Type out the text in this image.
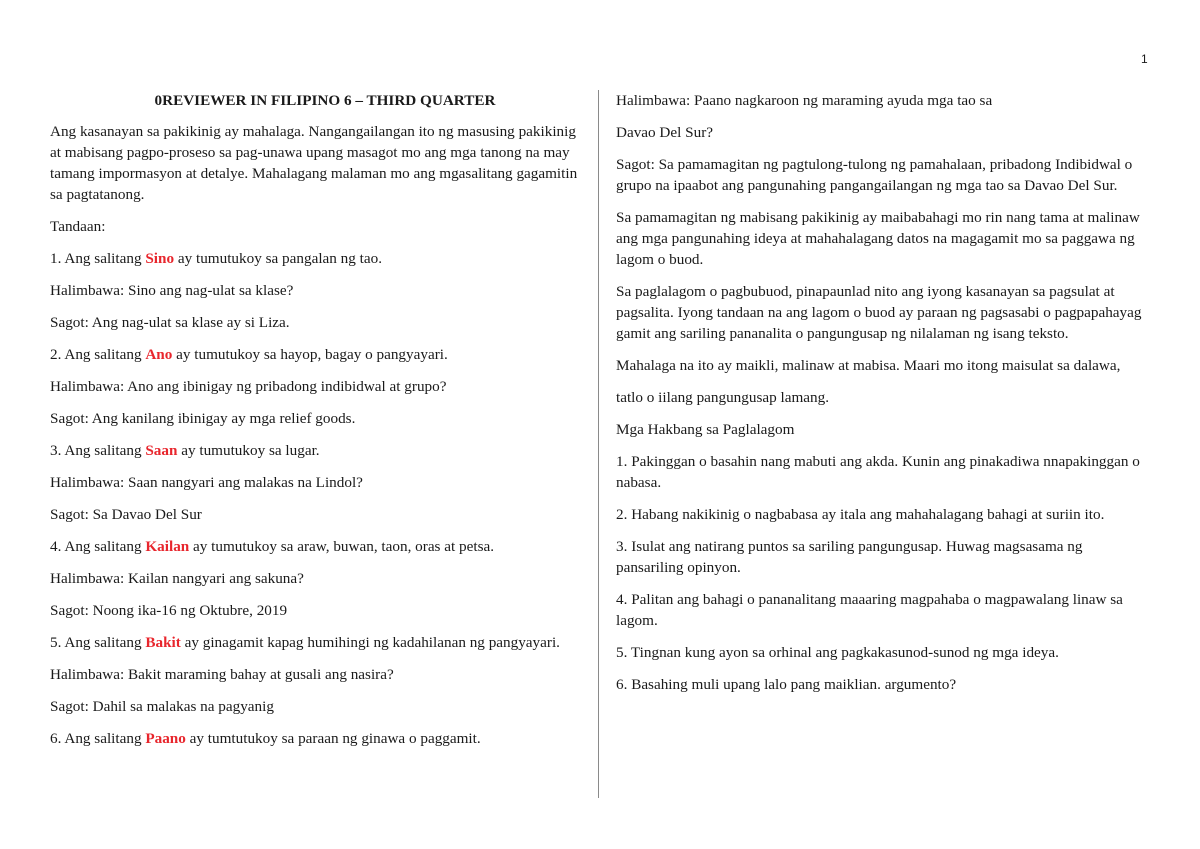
1

0REVIEWER IN FILIPINO 6 – THIRD QUARTER

Ang kasanayan sa pakikinig ay mahalaga. Nangangailangan ito ng masusing pakikinig at mabisang pagpo-proseso sa pag-unawa upang masagot mo ang mga tanong na may tamang impormasyon at detalye. Mahalagang malaman mo ang mgasalitang gagamitin sa pagtatanong.

Tandaan:

1. Ang salitang Sino ay tumutukoy sa pangalan ng tao.

Halimbawa: Sino ang nag-ulat sa klase?

Sagot: Ang nag-ulat sa klase ay si Liza.

2. Ang salitang Ano ay tumutukoy sa hayop, bagay o pangyayari.

Halimbawa: Ano ang ibinigay ng pribadong indibidwal at grupo?

Sagot: Ang kanilang ibinigay ay mga relief goods.

3. Ang salitang Saan ay tumutukoy sa lugar.

Halimbawa: Saan nangyari ang malakas na Lindol?

Sagot: Sa Davao Del Sur

4. Ang salitang Kailan ay tumutukoy sa araw, buwan, taon, oras at petsa.

Halimbawa: Kailan nangyari ang sakuna?

Sagot: Noong ika-16 ng Oktubre, 2019

5. Ang salitang Bakit ay ginagamit kapag humihingi ng kadahilanan ng pangyayari.

Halimbawa: Bakit maraming bahay at gusali ang nasira?

Sagot: Dahil sa malakas na pagyanig

6. Ang salitang Paano ay tumtutukoy sa paraan ng ginawa o paggamit.

Halimbawa: Paano nagkaroon ng maraming ayuda mga tao sa

Davao Del Sur?

Sagot: Sa pamamagitan ng pagtulong-tulong ng pamahalaan, pribadong Indibidwal o grupo na ipaabot ang pangunahing pangangailangan ng mga tao sa Davao Del Sur.

Sa pamamagitan ng mabisang pakikinig ay maibabahagi mo rin nang tama at malinaw ang mga pangunahing ideya at mahahalagang datos na magagamit mo sa paggawa ng lagom o buod.

Sa paglalagom o pagbubuod, pinapaunlad nito ang iyong kasanayan sa pagsulat at pagsalita. Iyong tandaan na ang lagom o buod ay paraan ng pagsasabi o pagpapahayag gamit ang sariling pananalita o pangungusap ng nilalaman ng isang teksto.

Mahalaga na ito ay maikli, malinaw at mabisa. Maari mo itong maisulat sa dalawa,

tatlo o iilang pangungusap lamang.

Mga Hakbang sa Paglalagom

1. Pakinggan o basahin nang mabuti ang akda. Kunin ang pinakadiwa nnapakinggan o nabasa.

2. Habang nakikinig o nagbabasa ay itala ang mahahalagang bahagi at suriin ito.

3. Isulat ang natirang puntos sa sariling pangungusap. Huwag magsasama ng pansariling opinyon.

4. Palitan ang bahagi o pananalitang maaaring magpahaba o magpawalang linaw sa lagom.

5. Tingnan kung ayon sa orhinal ang pagkakasunod-sunod ng mga ideya.

6. Basahing muli upang lalo pang maiklian. argumento?
